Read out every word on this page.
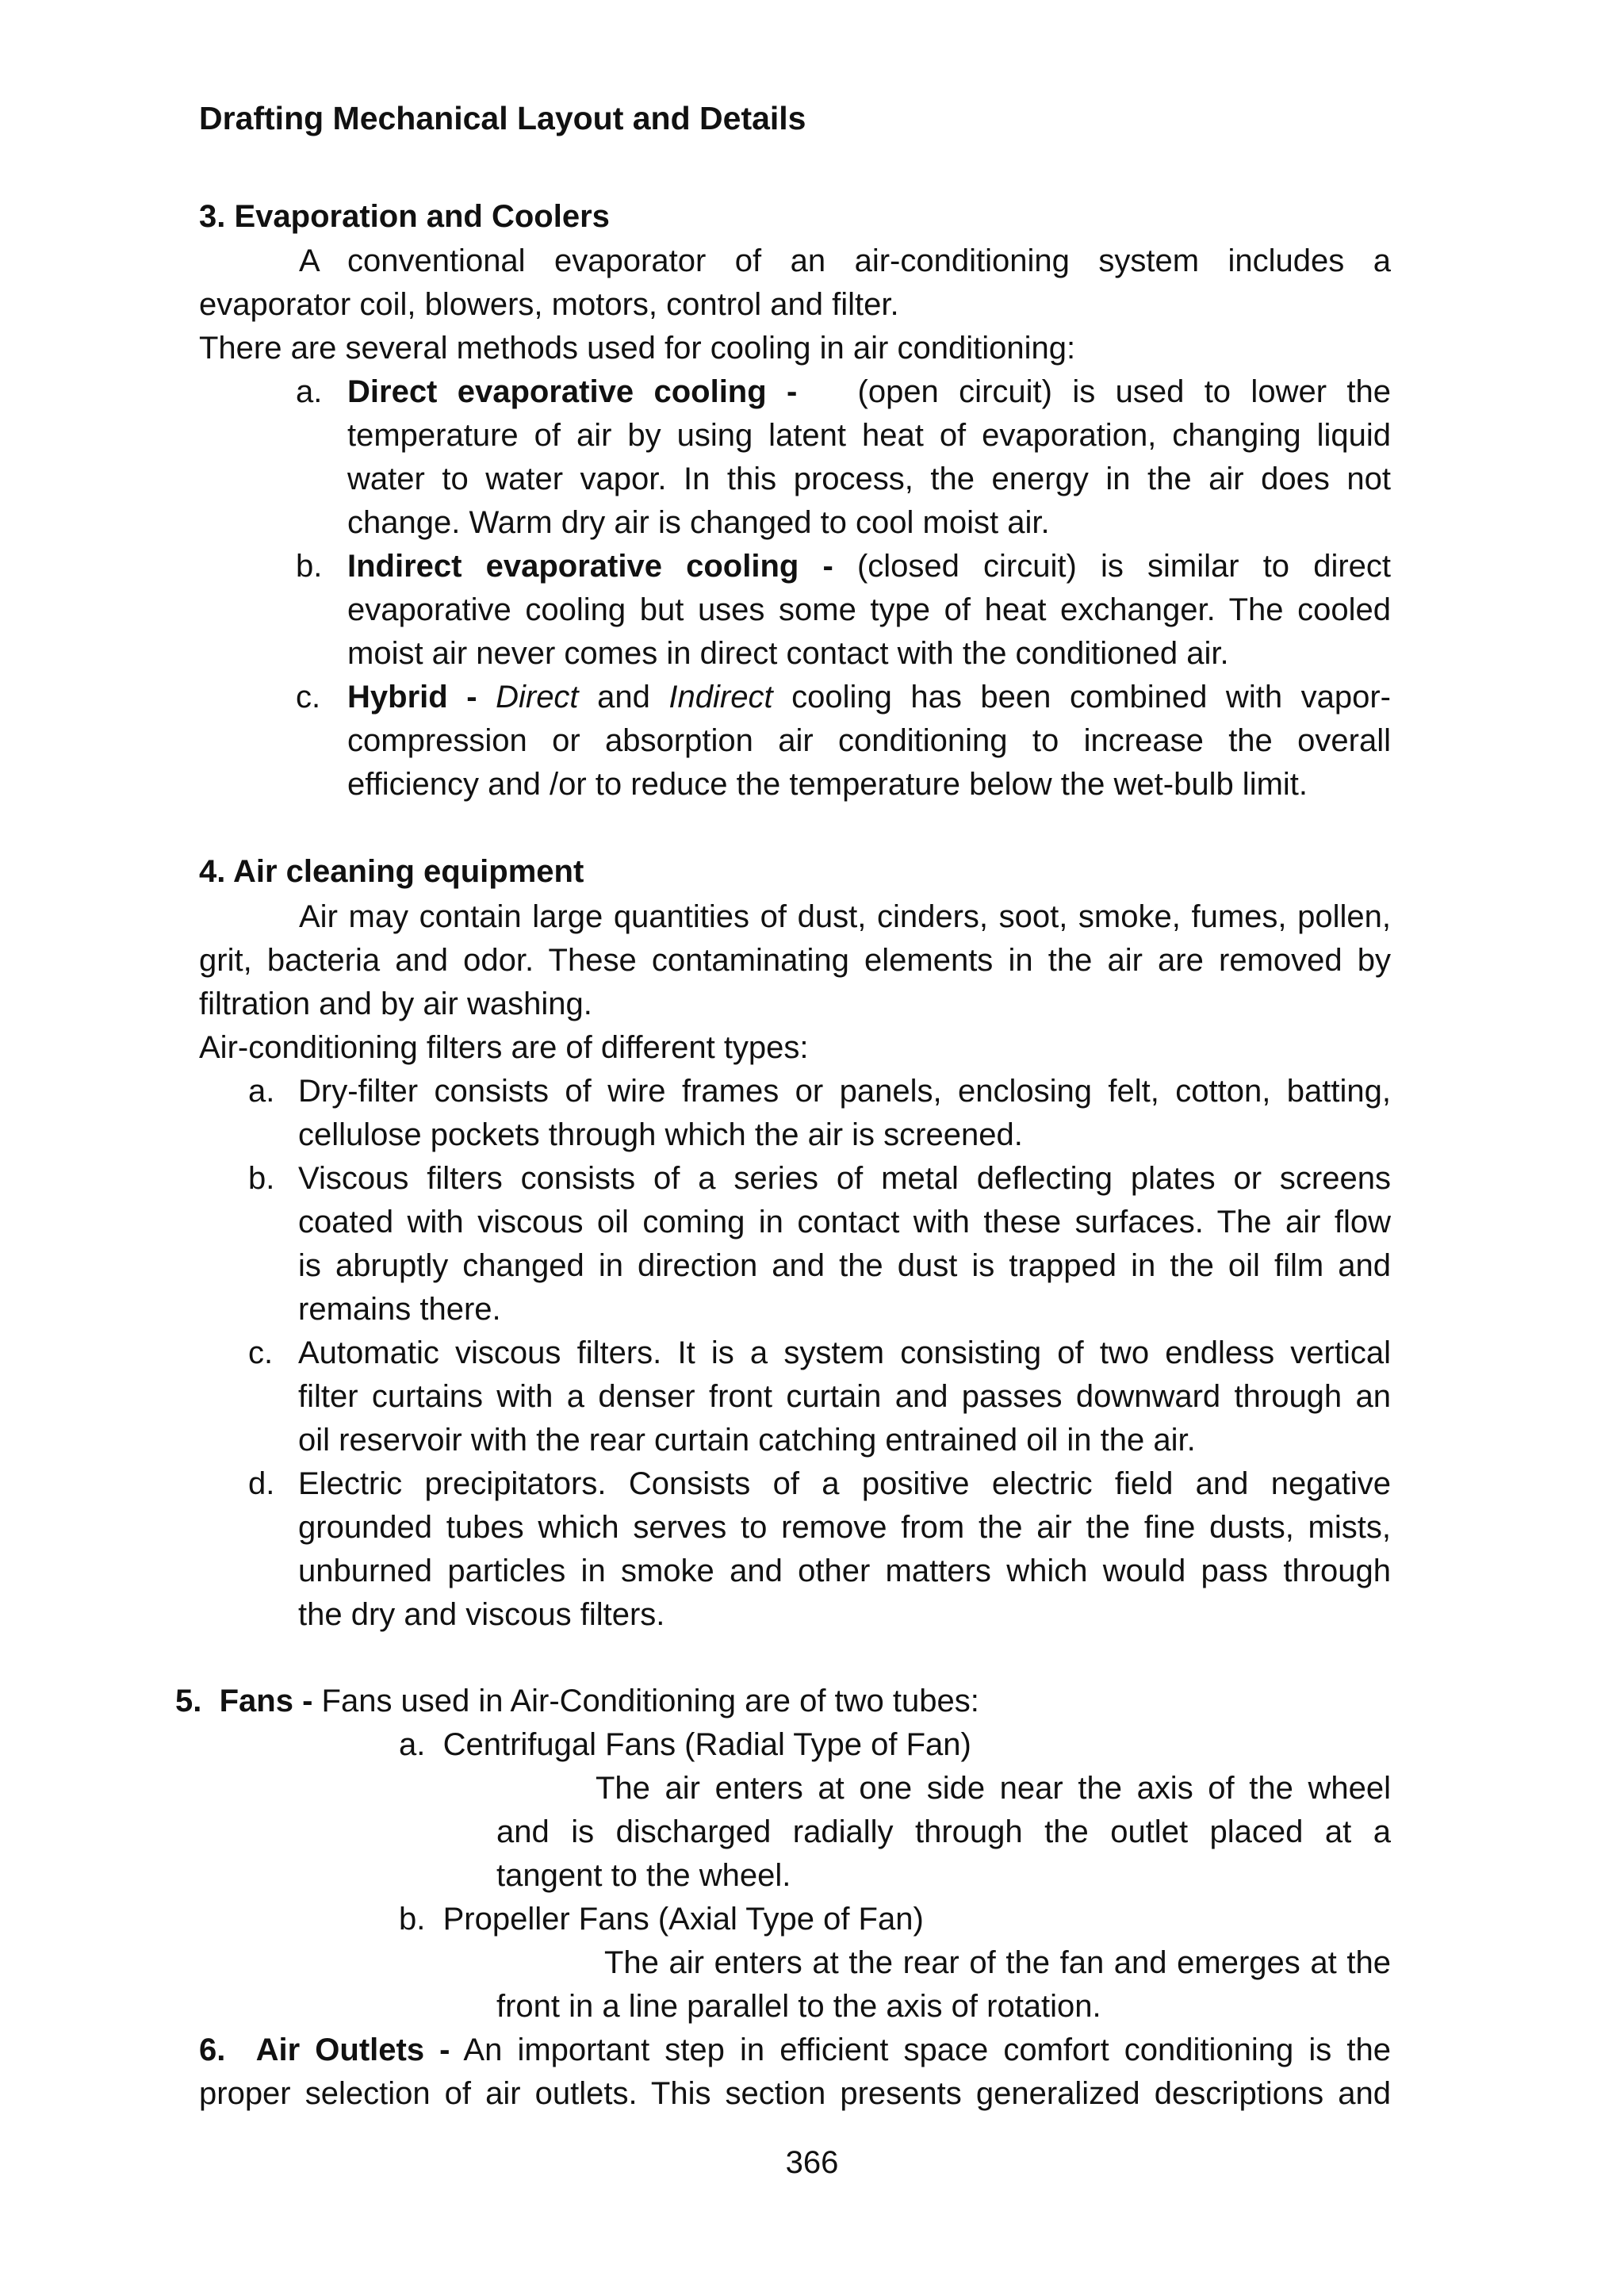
Drafting Mechanical Layout and Details
3. Evaporation and Coolers
A conventional evaporator of an air-conditioning system includes a
evaporator coil, blowers, motors, control and filter.
There are several methods used for cooling in air conditioning:
a. Direct evaporative cooling - (open circuit) is used to lower the
temperature of air by using latent heat of evaporation, changing liquid
water to water vapor. In this process, the energy in the air does not
change. Warm dry air is changed to cool moist air.
b. Indirect evaporative cooling - (closed circuit) is similar to direct
evaporative cooling but uses some type of heat exchanger. The cooled
moist air never comes in direct contact with the conditioned air.
c. Hybrid - Direct and Indirect cooling has been combined with vapor-
compression or absorption air conditioning to increase the overall
efficiency and /or to reduce the temperature below the wet-bulb limit.
4. Air cleaning equipment
Air may contain large quantities of dust, cinders, soot, smoke, fumes, pollen,
grit, bacteria and odor. These contaminating elements in the air are removed by
filtration and by air washing.
Air-conditioning filters are of different types:
a. Dry-filter consists of wire frames or panels, enclosing felt, cotton, batting,
cellulose pockets through which the air is screened.
b. Viscous filters consists of a series of metal deflecting plates or screens
coated with viscous oil coming in contact with these surfaces. The air flow
is abruptly changed in direction and the dust is trapped in the oil film and
remains there.
c. Automatic viscous filters. It is a system consisting of two endless vertical
filter curtains with a denser front curtain and passes downward through an
oil reservoir with the rear curtain catching entrained oil in the air.
d. Electric precipitators. Consists of a positive electric field and negative
grounded tubes which serves to remove from the air the fine dusts, mists,
unburned particles in smoke and other matters which would pass through
the dry and viscous filters.
5. Fans - Fans used in Air-Conditioning are of two tubes:
a. Centrifugal Fans (Radial Type of Fan)
The air enters at one side near the axis of the wheel
and is discharged radially through the outlet placed at a
tangent to the wheel.
b. Propeller Fans (Axial Type of Fan)
The air enters at the rear of the fan and emerges at the
front in a line parallel to the axis of rotation.
6. Air Outlets - An important step in efficient space comfort conditioning is the
proper selection of air outlets. This section presents generalized descriptions and
366
